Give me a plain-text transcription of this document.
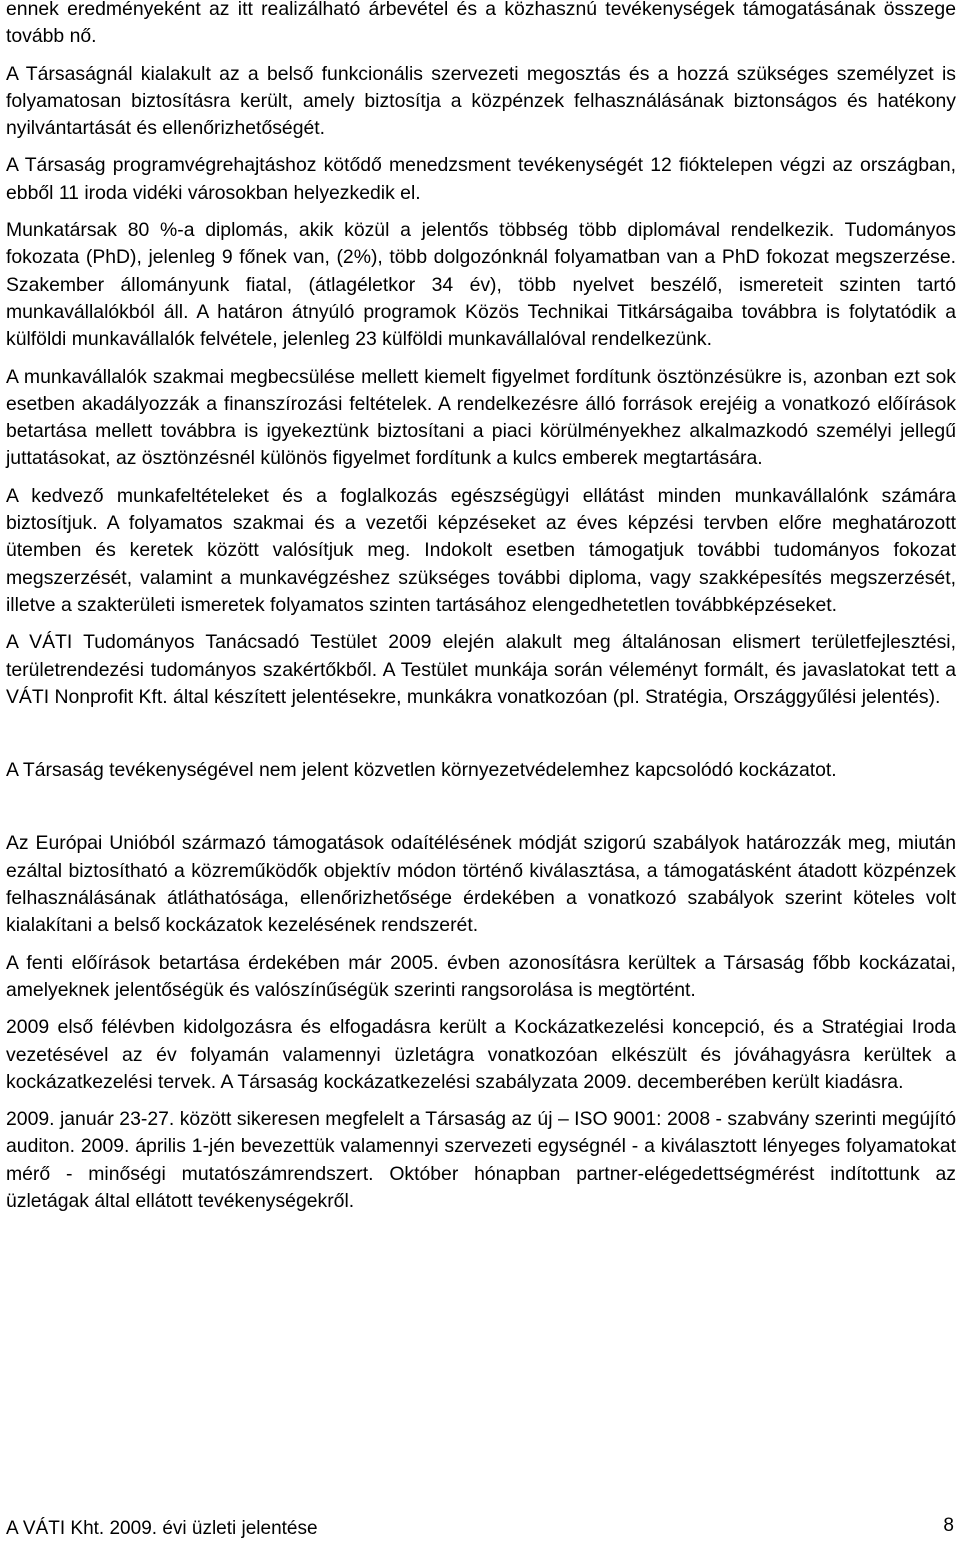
ennek eredményeként az itt realizálható árbevétel és a közhasznú tevékenységek támogatásának összege tovább nő.

A Társaságnál kialakult az a belső funkcionális szervezeti megosztás és a hozzá szükséges személyzet is folyamatosan biztosításra került, amely biztosítja a közpénzek felhasználásának biztonságos és hatékony nyilvántartását és ellenőrizhetőségét.

A Társaság programvégrehajtáshoz kötődő menedzsment tevékenységét 12 fióktelepen végzi az országban, ebből 11 iroda vidéki városokban helyezkedik el.

Munkatársak 80 %-a diplomás, akik közül a jelentős többség több diplomával rendelkezik. Tudományos fokozata (PhD), jelenleg 9 főnek van, (2%), több dolgozónknál folyamatban van a PhD fokozat megszerzése. Szakember állományunk fiatal, (átlagéletkor 34 év), több nyelvet beszélő, ismereteit szinten tartó munkavállalókból áll. A határon átnyúló programok Közös Technikai Titkárságaiba továbbra is folytatódik a külföldi munkavállalók felvétele, jelenleg 23 külföldi munkavállalóval rendelkezünk.

A munkavállalók szakmai megbecsülése mellett kiemelt figyelmet fordítunk ösztönzésükre is, azonban ezt sok esetben akadályozzák a finanszírozási feltételek. A rendelkezésre álló források erejéig a vonatkozó előírások betartása mellett továbbra is igyekeztünk biztosítani a piaci körülményekhez alkalmazkodó személyi jellegű juttatásokat, az ösztönzésnél különös figyelmet fordítunk a kulcs emberek megtartására.

A kedvező munkafeltételeket és a foglalkozás egészségügyi ellátást minden munkavállalónk számára biztosítjuk. A folyamatos szakmai és a vezetői képzéseket az éves képzési tervben előre meghatározott ütemben és keretek között valósítjuk meg. Indokolt esetben támogatjuk további tudományos fokozat megszerzését, valamint a munkavégzéshez szükséges további diploma, vagy szakképesítés megszerzését, illetve a szakterületi ismeretek folyamatos szinten tartásához elengedhetetlen továbbképzéseket.

A VÁTI Tudományos Tanácsadó Testület 2009 elején alakult meg általánosan elismert területfejlesztési, területrendezési tudományos szakértőkből. A Testület munkája során véleményt formált, és javaslatokat tett a VÁTI Nonprofit Kft. által készített jelentésekre, munkákra vonatkozóan (pl. Stratégia, Országgyűlési jelentés).

A Társaság tevékenységével nem jelent közvetlen környezetvédelemhez kapcsolódó kockázatot.

Az Európai Unióból származó támogatások odaítélésének módját szigorú szabályok határozzák meg, miután ezáltal biztosítható a közreműködők objektív módon történő kiválasztása, a támogatásként átadott közpénzek felhasználásának átláthatósága, ellenőrizhetősége érdekében a vonatkozó szabályok szerint köteles volt kialakítani a belső kockázatok kezelésének rendszerét.

A fenti előírások betartása érdekében már 2005. évben azonosításra kerültek a Társaság főbb kockázatai, amelyeknek jelentőségük és valószínűségük szerinti rangsorolása is megtörtént.

2009 első félévben kidolgozásra és elfogadásra került a Kockázatkezelési koncepció, és a Stratégiai Iroda vezetésével az év folyamán valamennyi üzletágra vonatkozóan elkészült és jóváhagyásra kerültek a kockázatkezelési tervek. A Társaság kockázatkezelési szabályzata 2009. decemberében került kiadásra.

2009. január 23-27. között sikeresen megfelelt a Társaság az új – ISO 9001: 2008 - szabvány szerinti megújító auditon. 2009. április 1-jén bevezettük valamennyi szervezeti egységnél - a kiválasztott lényeges folyamatokat mérő - minőségi mutatószámrendszert. Október hónapban partner-elégedettségmérést indítottunk az üzletágak által ellátott tevékenységekről.

A VÁTI Kht. 2009. évi üzleti jelentése	8
